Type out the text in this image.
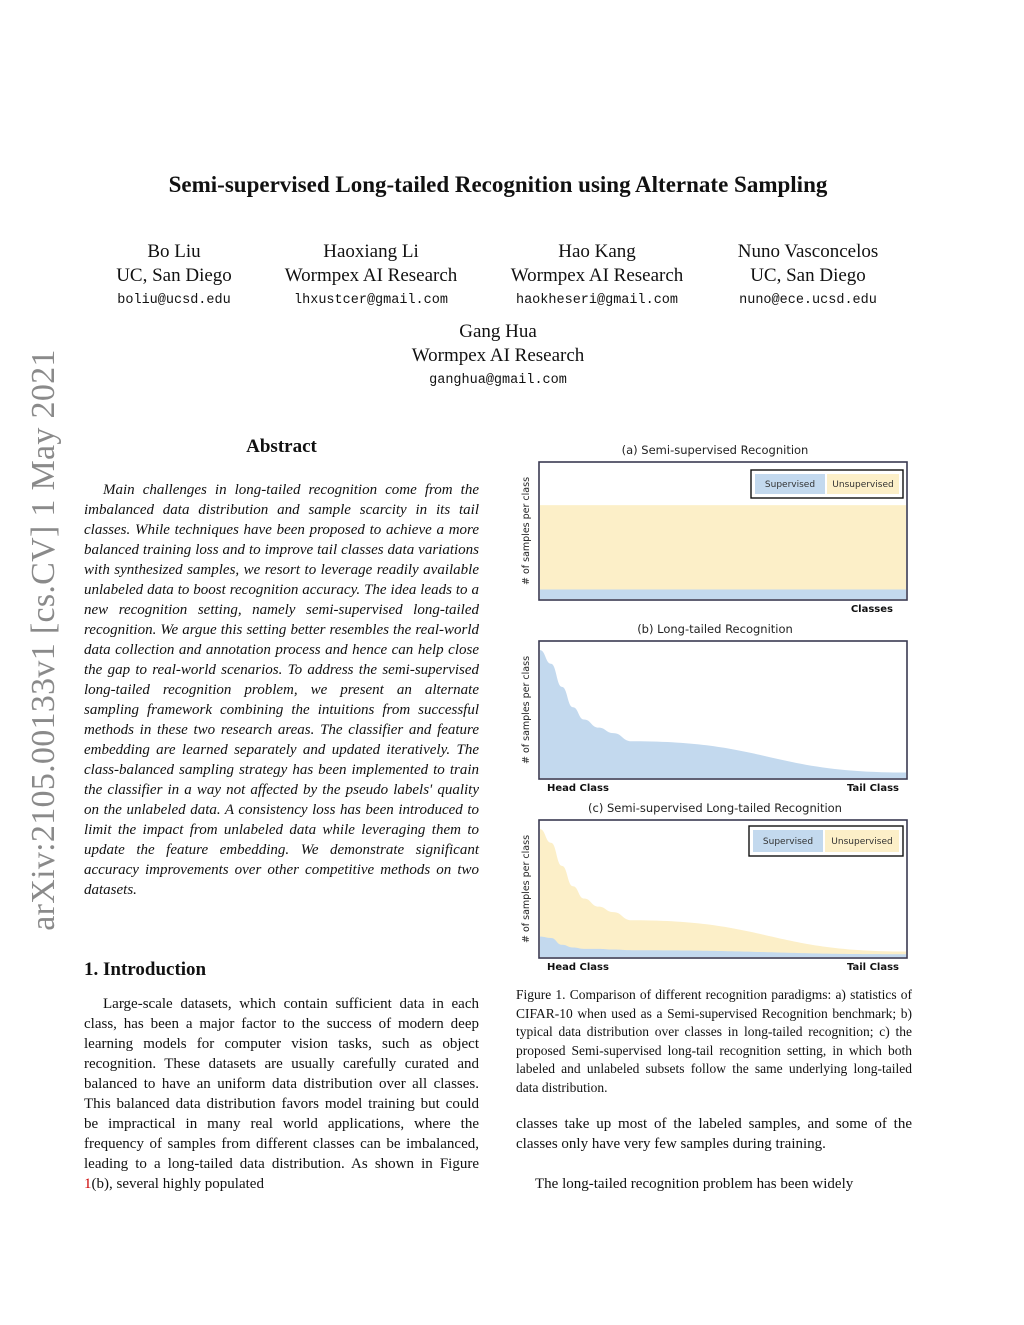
arXiv:2105.00133v1 [cs.CV] 1 May 2021
Semi-supervised Long-tailed Recognition using Alternate Sampling
Bo Liu
UC, San Diego
boliu@ucsd.edu
Haoxiang Li
Wormpex AI Research
lhxustcer@gmail.com
Hao Kang
Wormpex AI Research
haokheseri@gmail.com
Nuno Vasconcelos
UC, San Diego
nuno@ece.ucsd.edu
Gang Hua
Wormpex AI Research
ganghua@gmail.com
Abstract

Main challenges in long-tailed recognition come from the imbalanced data distribution and sample scarcity in its tail classes. While techniques have been proposed to achieve a more balanced training loss and to improve tail classes data variations with synthesized samples, we resort to leverage readily available unlabeled data to boost recognition accuracy. The idea leads to a new recognition setting, namely semi-supervised long-tailed recognition. We argue this setting better resembles the real-world data collection and annotation process and hence can help close the gap to real-world scenarios. To address the semi-supervised long-tailed recognition problem, we present an alternate sampling framework combining the intuitions from successful methods in these two research areas. The classifier and feature embedding are learned separately and updated iteratively. The class-balanced sampling strategy has been implemented to train the classifier in a way not affected by the pseudo labels' quality on the unlabeled data. A consistency loss has been introduced to limit the impact from unlabeled data while leveraging them to update the feature embedding. We demonstrate significant accuracy improvements over other competitive methods on two datasets.

1. Introduction

Large-scale datasets, which contain sufficient data in each class, has been a major factor to the success of modern deep learning models for computer vision tasks, such as object recognition. These datasets are usually carefully curated and balanced to have an uniform data distribution over all classes. This balanced data distribution favors model training but could be impractical in many real world applications, where the frequency of samples from different classes can be imbalanced, leading to a long-tailed data distribution. As shown in Figure 1(b), several highly populated

(a) Semi-supervised Recognition
# of samples per class
Classes
Supervised Unsupervised
(b) Long-tailed Recognition
# of samples per class
Head Class	Tail Class
(c) Semi-supervised Long-tailed Recognition
# of samples per class
Head Class	Tail Class
Supervised Unsupervised

Figure 1. Comparison of different recognition paradigms: a) statistics of CIFAR-10 when used as a Semi-supervised Recognition benchmark; b) typical data distribution over classes in long-tailed recognition; c) the proposed Semi-supervised long-tail recognition setting, in which both labeled and unlabeled subsets follow the same underlying long-tailed data distribution.

classes take up most of the labeled samples, and some of the classes only have very few samples during training.

The long-tailed recognition problem has been widely
